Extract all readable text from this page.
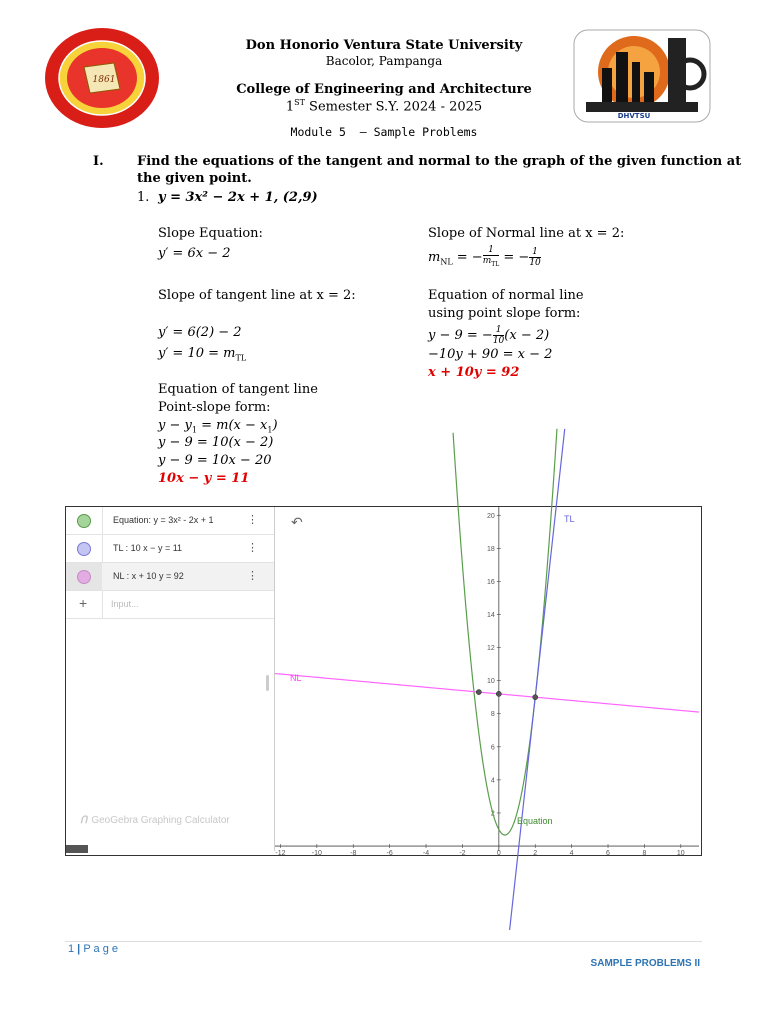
1861
DHVTSU
Don Honorio Ventura State University
Bacolor, Pampanga
College of Engineering and Architecture
1ST Semester S.Y. 2024 - 2025
Module 5  – Sample Problems
I.	Find the equations of the tangent and normal to the graph of the given function at
the given point.
1. y = 3x² − 2x + 1, (2,9)
Slope Equation:
y′ = 6x − 2
Slope of tangent line at x = 2:
y′ = 6(2) − 2
$y' = 10 = m_{TL}$
Equation of tangent line
Point-slope form:
$y - y_1 = m(x - x_1)$
y − 9 = 10(x − 2)
y − 9 = 10x − 20
10x − y = 11
Slope of Normal line at x = 2:
$m_{NL}$ = − $\frac{1}{m_{TL}}$ = − $\frac{1}{10}$
Equation of normal line
using point slope form:
y − 9 = − $\frac{1}{10} (x - 2)$
−10y + 90 = x − 2
x + 10y = 92
Equation: y = 3x² - 2x + 1	⋮
TL : 10 x − y = 11	⋮
NL : x + 10 y = 92	⋮
+	Input...
ᑎ GeoGebra Graphing Calculator
-12	-10	-8	-6	-4	-2	0	2	4	6	8	10
2
4
6
8
10
12
14
16
18
20
↶	TL
NL
Equation
1 | P a g e
SAMPLE PROBLEMS II
